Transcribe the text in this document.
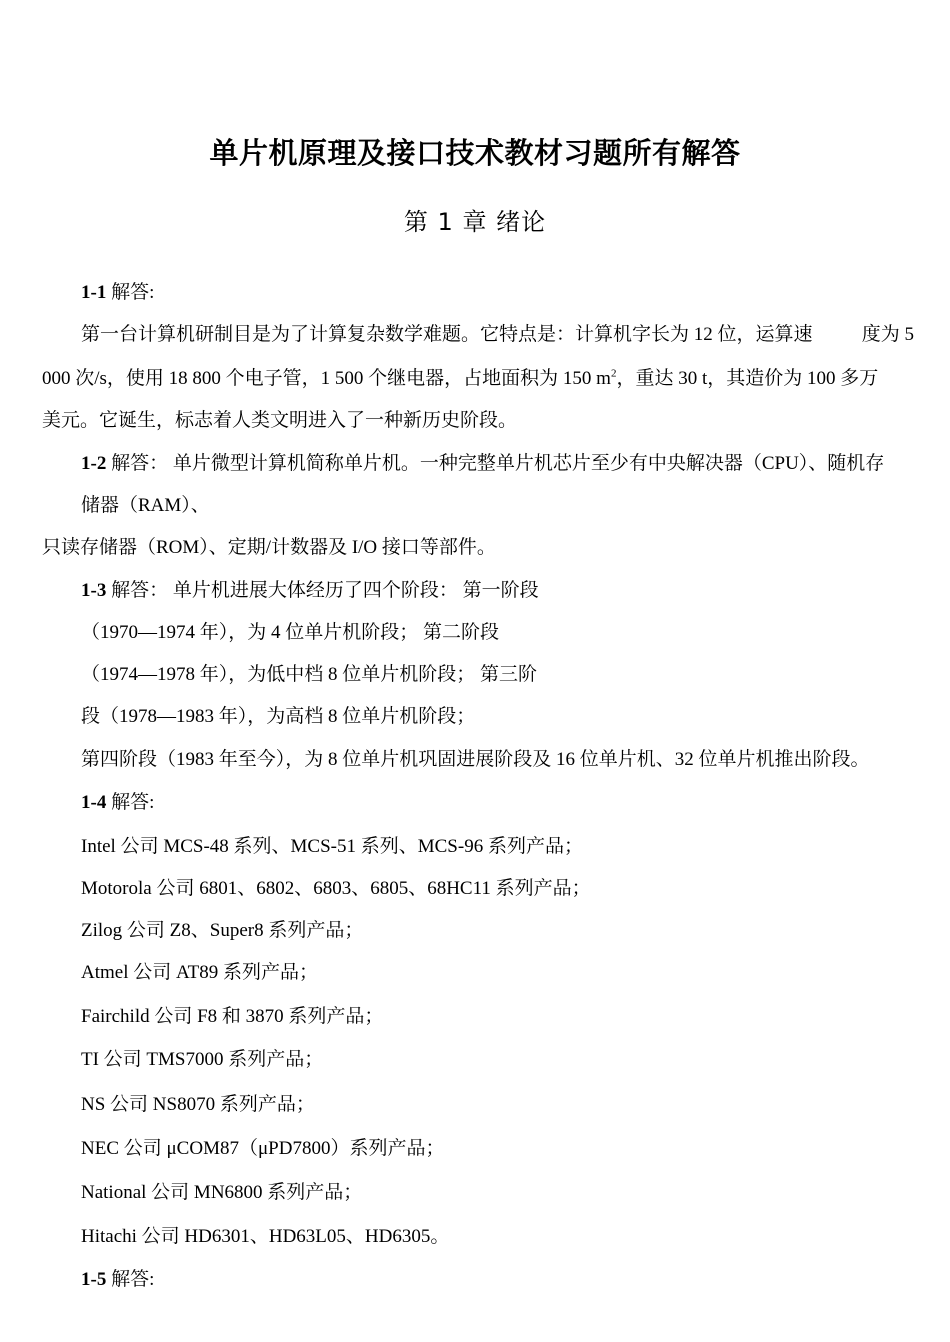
单片机原理及接口技术教材习题所有解答
第 1 章 绪论
1-1 解答:
第一台计算机研制目是为了计算复杂数学难题。它特点是：计算机字长为 12 位，运算速	度为 5
000 次/s，使用 18 800 个电子管，1 500 个继电器，占地面积为 150 $m^2$，重达 30 t，其造价为 100 多万
美元。它诞生，标志着人类文明进入了一种新历史阶段。
1-2 解答： 单片微型计算机简称单片机。一种完整单片机芯片至少有中央解决器（CPU）、随机存
储器（RAM）、
只读存储器（ROM）、定期/计数器及 I/O 接口等部件。
1-3 解答： 单片机进展大体经历了四个阶段： 第一阶段
（1970—1974 年），为 4 位单片机阶段； 第二阶段
（1974—1978 年），为低中档 8 位单片机阶段； 第三阶
段（1978—1983 年），为高档 8 位单片机阶段；
第四阶段（1983 年至今），为 8 位单片机巩固进展阶段及 16 位单片机、32 位单片机推出阶段。
1-4 解答:
Intel 公司 MCS-48 系列、MCS-51 系列、MCS-96 系列产品；
Motorola 公司 6801、6802、6803、6805、68HC11 系列产品；
Zilog 公司 Z8、Super8 系列产品；
Atmel 公司 AT89 系列产品；
Fairchild 公司 F8 和 3870 系列产品；
TI 公司 TMS7000 系列产品；
NS 公司 NS8070 系列产品；
NEC 公司 μCOM87（μPD7800）系列产品；
National 公司 MN6800 系列产品；
Hitachi 公司 HD6301、HD63L05、HD6305。
1-5 解答:
